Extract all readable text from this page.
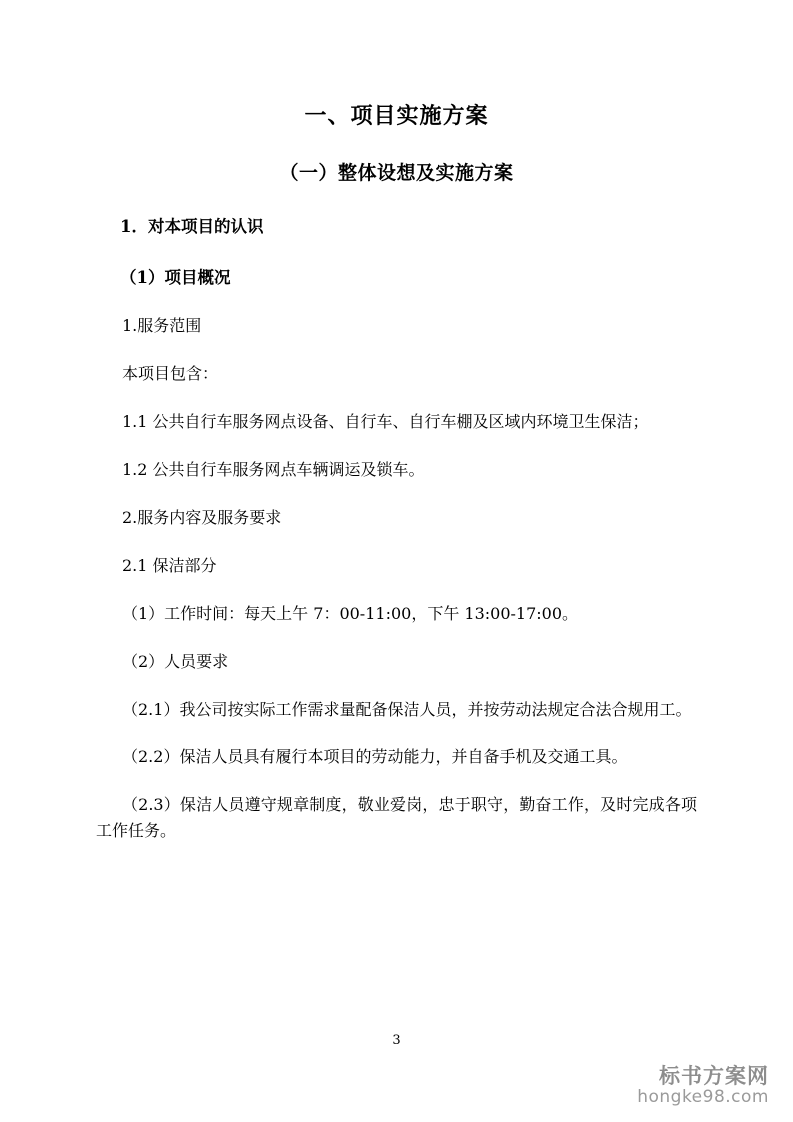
一、项目实施方案
（一）整体设想及实施方案
1．对本项目的认识
（1）项目概况

1.服务范围

本项目包含：

1.1 公共自行车服务网点设备、自行车、自行车棚及区域内环境卫生保洁；

1.2 公共自行车服务网点车辆调运及锁车。

2.服务内容及服务要求

2.1 保洁部分

（1）工作时间：每天上午 7：00-11:00，下午 13:00-17:00。

（2）人员要求

（2.1）我公司按实际工作需求量配备保洁人员，并按劳动法规定合法合规用工。

（2.2）保洁人员具有履行本项目的劳动能力，并自备手机及交通工具。

（2.3）保洁人员遵守规章制度，敬业爱岗，忠于职守，勤奋工作，及时完成各项工作任务。

3
标书方案网
hongke98.com
